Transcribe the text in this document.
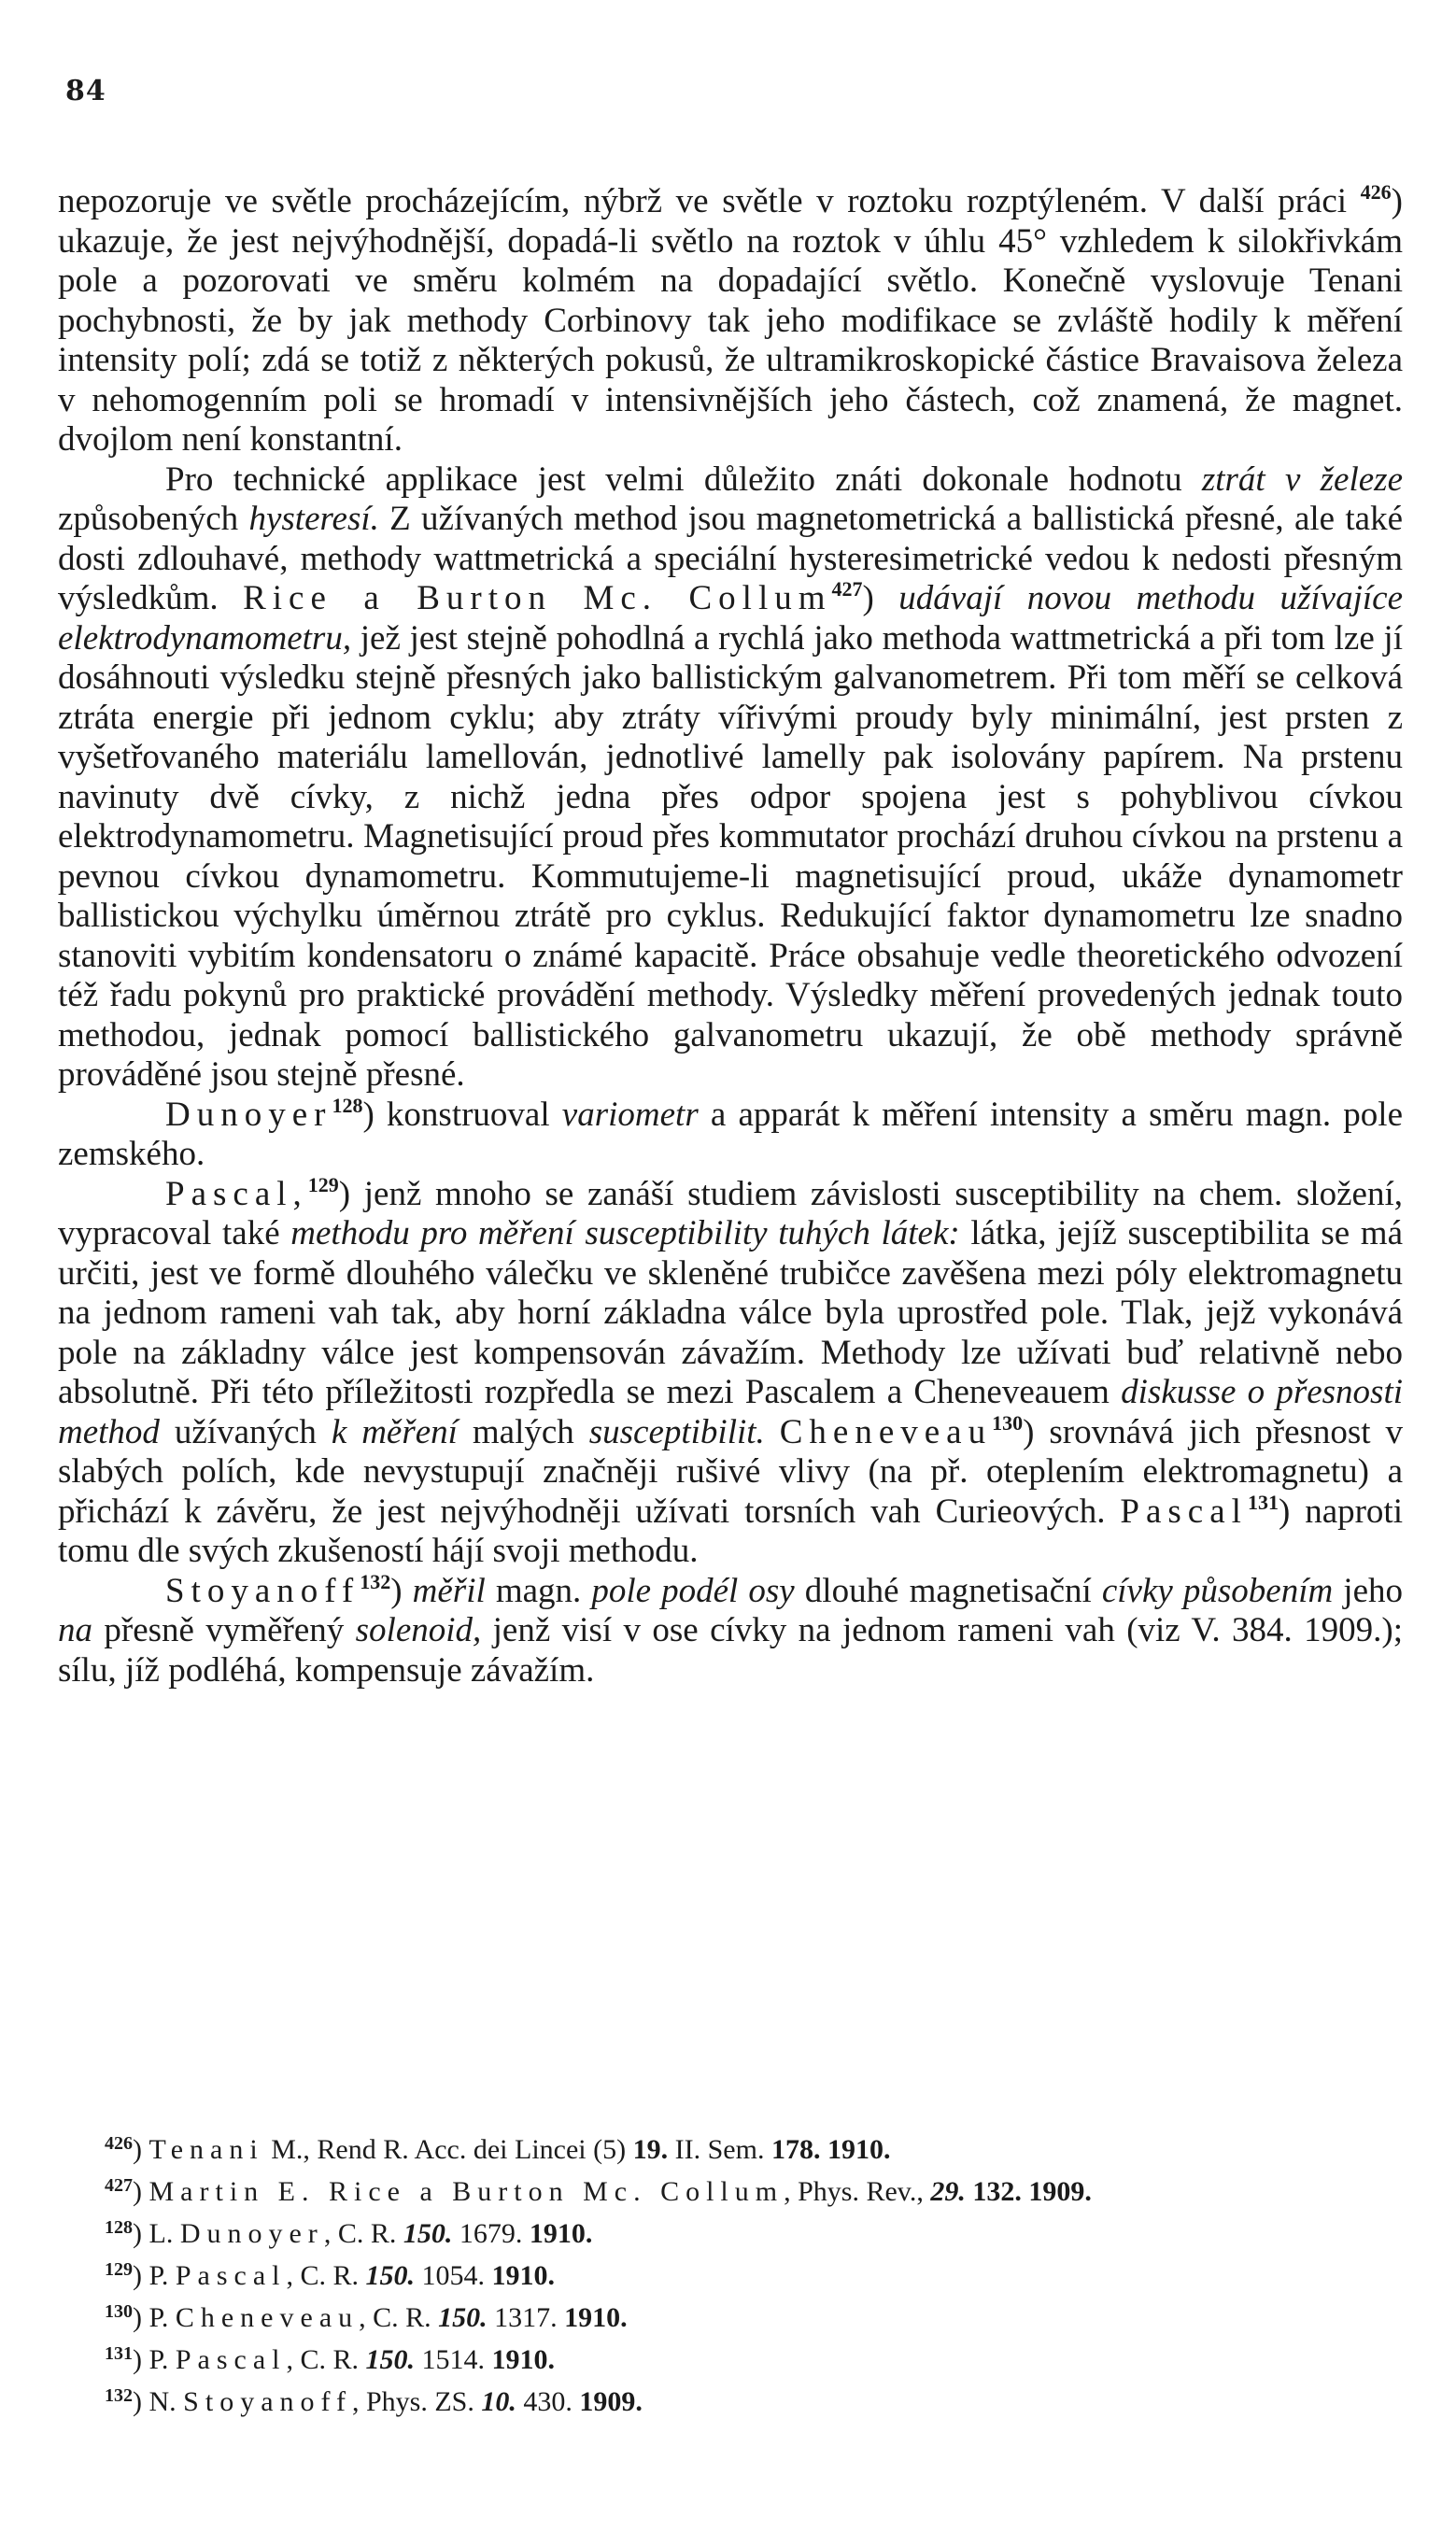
84

nepozoruje ve světle procházejícím, nýbrž ve světle v roztoku rozptýleném. V další práci $^{426}$) ukazuje, že jest nejvýhodnější, dopadá-li světlo na roztok v úhlu 45° vzhledem k silokřivkám pole a pozorovati ve směru kolmém na dopadající světlo. Konečně vyslovuje Tenani pochybnosti, že by jak methody Corbinovy tak jeho modifikace se zvláště hodily k měření intensity polí; zdá se totiž z některých pokusů, že ultramikroskopické částice Bravaisova železa v nehomogenním poli se hromadí v intensivnějších jeho částech, což znamená, že magnet. dvojlom není konstantní.

Pro technické applikace jest velmi důležito znáti dokonale hodnotu ztrát v železe způsobených hysteresí. Z užívaných method jsou magnetometrická a ballistická přesné, ale také dosti zdlouhavé, methody wattmetrická a speciální hysteresimetrické vedou k nedosti přesným výsledkům. Rice a Burton Mc. Collum$^{427}$) udávají novou methodu užívajíce elektrodynamometru, jež jest stejně pohodlná a rychlá jako methoda wattmetrická a při tom lze jí dosáhnouti výsledku stejně přesných jako ballistickým galvanometrem. Při tom měří se celková ztráta energie při jednom cyklu; aby ztráty vířivými proudy byly minimální, jest prsten z vyšetřovaného materiálu lamellován, jednotlivé lamelly pak isolovány papírem. Na prstenu navinuty dvě cívky, z nichž jedna přes odpor spojena jest s pohyblivou cívkou elektrodynamometru. Magnetisující proud přes kommutator prochází druhou cívkou na prstenu a pevnou cívkou dynamometru. Kommutujeme-li magnetisující proud, ukáže dynamometr ballistickou výchylku úměrnou ztrátě pro cyklus. Redukující faktor dynamometru lze snadno stanoviti vybitím kondensatoru o známé kapacitě. Práce obsahuje vedle theoretického odvození též řadu pokynů pro praktické provádění methody. Výsledky měření provedených jednak touto methodou, jednak pomocí ballistického galvanometru ukazují, že obě methody správně prováděné jsou stejně přesné.

Dunoyer$^{128}$) konstruoval variometr a apparát k měření intensity a směru magn. pole zemského.

Pascal,$^{129}$) jenž mnoho se zanáší studiem závislosti susceptibility na chem. složení, vypracoval také methodu pro měření susceptibility tuhých látek: látka, jejíž susceptibilita se má určiti, jest ve formě dlouhého válečku ve skleněné trubičce zavěšena mezi póly elektromagnetu na jednom rameni vah tak, aby horní základna válce byla uprostřed pole. Tlak, jejž vykonává pole na základny válce jest kompensován závažím. Methody lze užívati buď relativně nebo absolutně. Při této příležitosti rozpředla se mezi Pascalem a Cheneveauem diskusse o přesnosti method užívaných k měření malých susceptibilit. Cheneveau$^{130}$) srovnává jich přesnost v slabých polích, kde nevystupují značněji rušivé vlivy (na př. oteplením elektromagnetu) a přichází k závěru, že jest nejvýhodněji užívati torsních vah Curieových. Pascal$^{131}$) naproti tomu dle svých zkušeností hájí svoji methodu.

Stoyanoff$^{132}$) měřil magn. pole podél osy dlouhé magnetisační cívky působením jeho na přesně vyměřený solenoid, jenž visí v ose cívky na jednom rameni vah (viz V. 384. 1909.); sílu, jíž podléhá, kompensuje závažím.

$^{426}$) Tenani M., Rend R. Acc. dei Lincei (5) 19. II. Sem. 178. 1910.

$^{427}$) Martin E. Rice a Burton Mc. Collum, Phys. Rev., 29. 132. 1909.

$^{128}$) L. Dunoyer, C. R. 150. 1679. 1910.

$^{129}$) P. Pascal, C. R. 150. 1054. 1910.

$^{130}$) P. Cheneveau, C. R. 150. 1317. 1910.

$^{131}$) P. Pascal, C. R. 150. 1514. 1910.

$^{132}$) N. Stoyanoff, Phys. ZS. 10. 430. 1909.
